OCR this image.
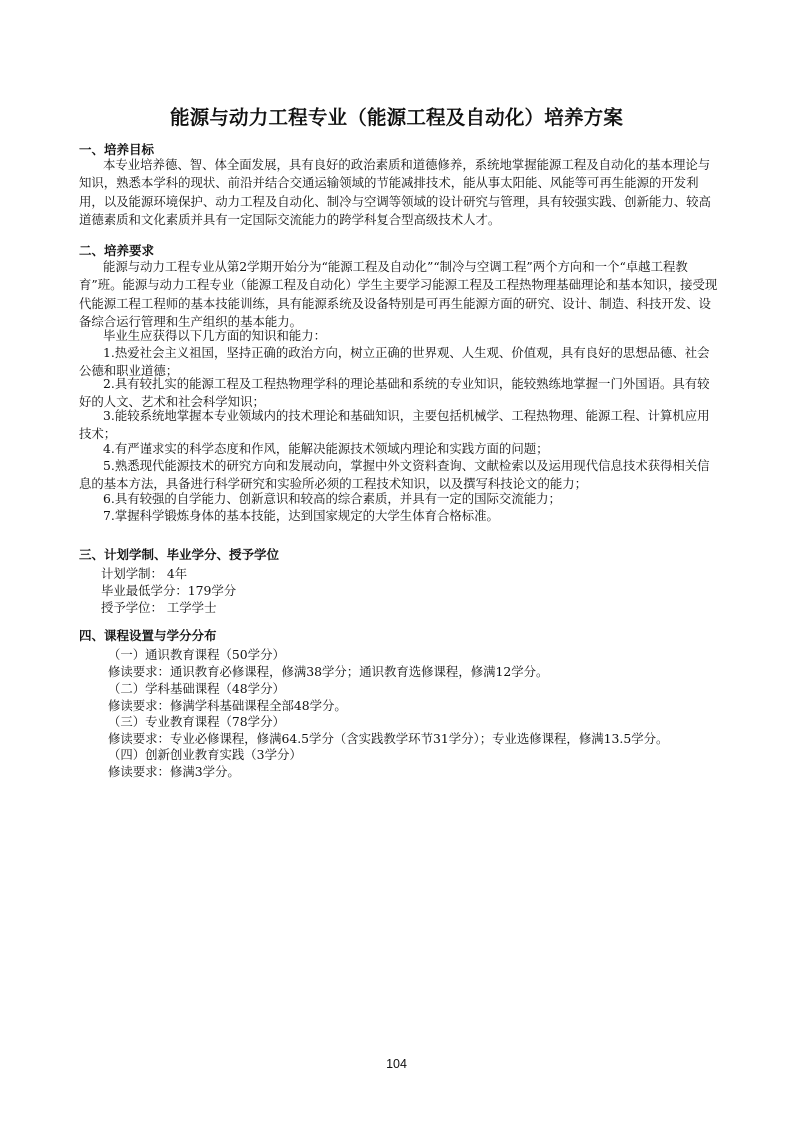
能源与动力工程专业（能源工程及自动化）培养方案
一、培养目标

本专业培养德、智、体全面发展，具有良好的政治素质和道德修养，系统地掌握能源工程及自动化的基本理论与知识，熟悉本学科的现状、前沿并结合交通运输领域的节能减排技术，能从事太阳能、风能等可再生能源的开发利用，以及能源环境保护、动力工程及自动化、制冷与空调等领域的设计研究与管理，具有较强实践、创新能力、较高道德素质和文化素质并具有一定国际交流能力的跨学科复合型高级技术人才。

二、培养要求

能源与动力工程专业从第2学期开始分为“能源工程及自动化”“制冷与空调工程”两个方向和一个“卓越工程教育”班。能源与动力工程专业（能源工程及自动化）学生主要学习能源工程及工程热物理基础理论和基本知识，接受现代能源工程工程师的基本技能训练，具有能源系统及设备特别是可再生能源方面的研究、设计、制造、科技开发、设备综合运行管理和生产组织的基本能力。

毕业生应获得以下几方面的知识和能力：

1.热爱社会主义祖国，坚持正确的政治方向，树立正确的世界观、人生观、价值观，具有良好的思想品德、社会公德和职业道德；

2.具有较扎实的能源工程及工程热物理学科的理论基础和系统的专业知识，能较熟练地掌握一门外国语。具有较好的人文、艺术和社会科学知识；

3.能较系统地掌握本专业领域内的技术理论和基础知识，主要包括机械学、工程热物理、能源工程、计算机应用技术；

4.有严谨求实的科学态度和作风，能解决能源技术领域内理论和实践方面的问题；

5.熟悉现代能源技术的研究方向和发展动向，掌握中外文资料查询、文献检索以及运用现代信息技术获得相关信息的基本方法，具备进行科学研究和实验所必须的工程技术知识，以及撰写科技论文的能力；

6.具有较强的自学能力、创新意识和较高的综合素质，并具有一定的国际交流能力；

7.掌握科学锻炼身体的基本技能，达到国家规定的大学生体育合格标准。

三、计划学制、毕业学分、授予学位
计划学制： 4年
毕业最低学分：179学分
授予学位： 工学学士
四、课程设置与学分分布
（一）通识教育课程（50学分）
修读要求：通识教育必修课程，修满38学分；通识教育选修课程，修满12学分。
（二）学科基础课程（48学分）
修读要求：修满学科基础课程全部48学分。
（三）专业教育课程（78学分）
修读要求：专业必修课程，修满64.5学分（含实践教学环节31学分）；专业选修课程，修满13.5学分。
（四）创新创业教育实践（3学分）
修读要求：修满3学分。
104
